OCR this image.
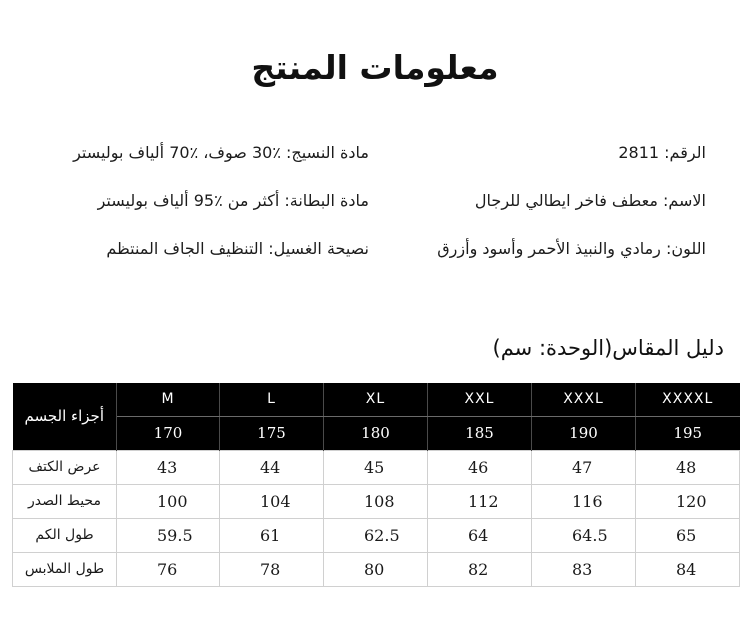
معلومات المنتج
الرقم: 2811
الاسم: معطف فاخر ايطالي للرجال
اللون: رمادي والنبيذ الأحمر وأسود وأزرق
مادة النسيج: ٪30 صوف، ٪70 ألياف بوليستر
مادة البطانة: أكثر من ٪95 ألياف بوليستر
نصيحة الغسيل: التنظيف الجاف المنتظم
دليل المقاس(الوحدة: سم)
أجزاء الجسم	M	L	XL	XXL	XXXL	XXXXL
	170	175	180	185	190	195
عرض الكتف	43	44	45	46	47	48
محيط الصدر	100	104	108	112	116	120
طول الكم	59.5	61	62.5	64	64.5	65
طول الملابس	76	78	80	82	83	84
